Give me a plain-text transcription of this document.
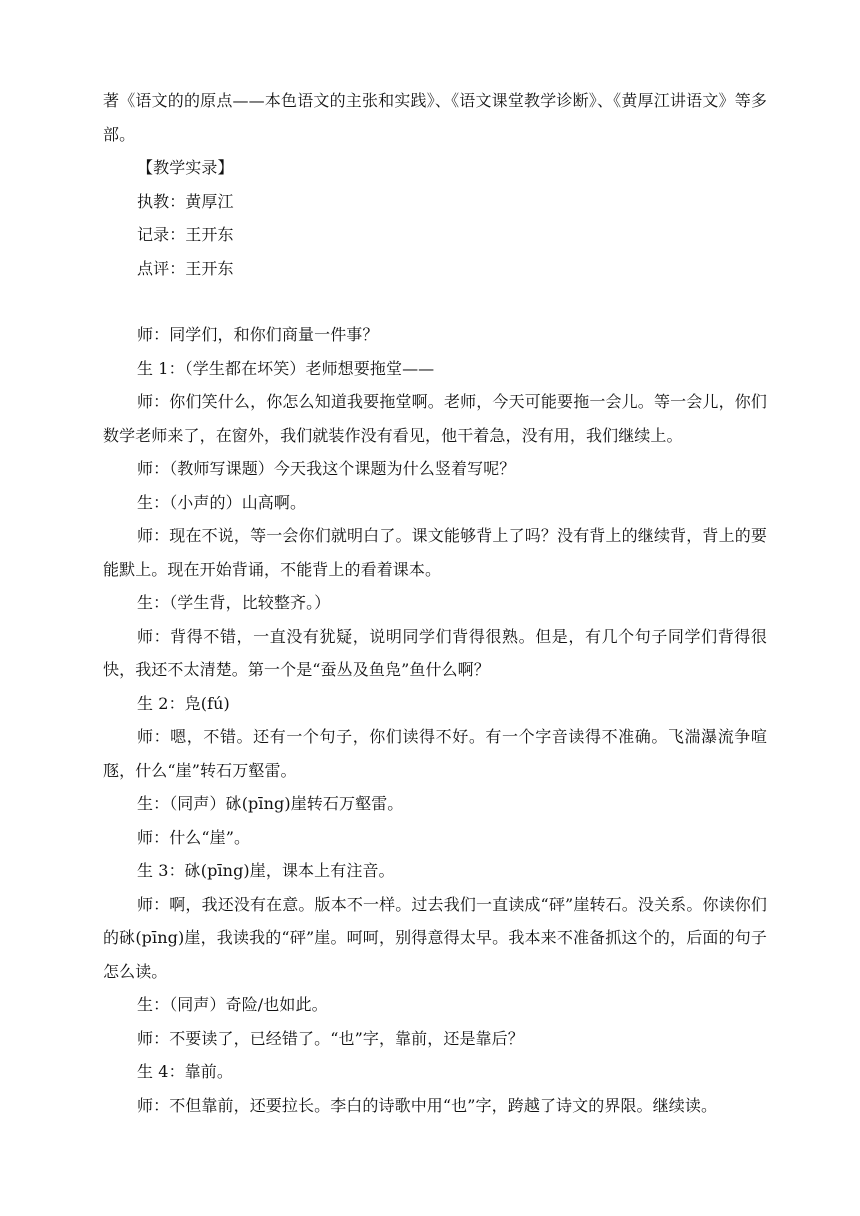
著《语文的的原点——本色语文的主张和实践》、《语文课堂教学诊断》、《黄厚江讲语文》等多部。

【教学实录】

执教：黄厚江

记录：王开东

点评：王开东

师：同学们，和你们商量一件事？

生 1：（学生都在坏笑）老师想要拖堂——

师：你们笑什么，你怎么知道我要拖堂啊。老师，今天可能要拖一会儿。等一会儿，你们数学老师来了，在窗外，我们就装作没有看见，他干着急，没有用，我们继续上。

师：（教师写课题）今天我这个课题为什么竖着写呢？

生：（小声的）山高啊。

师：现在不说，等一会你们就明白了。课文能够背上了吗？没有背上的继续背，背上的要能默上。现在开始背诵，不能背上的看着课本。

生：（学生背，比较整齐。）

师：背得不错，一直没有犹疑，说明同学们背得很熟。但是，有几个句子同学们背得很快，我还不太清楚。第一个是“蚕丛及鱼凫”鱼什么啊？

生 2：凫(fú)

师：嗯，不错。还有一个句子，你们读得不好。有一个字音读得不准确。飞湍瀑流争喧豗，什么“崖”转石万壑雷。

生：（同声）砯(pīng)崖转石万壑雷。

师：什么“崖”。

生 3：砯(pīng)崖，课本上有注音。

师：啊，我还没有在意。版本不一样。过去我们一直读成“砰”崖转石。没关系。你读你们的砯(pīng)崖，我读我的“砰”崖。呵呵，别得意得太早。我本来不准备抓这个的，后面的句子怎么读。

生：（同声）奇险/也如此。

师：不要读了，已经错了。“也”字，靠前，还是靠后？

生 4：靠前。

师：不但靠前，还要拉长。李白的诗歌中用“也”字，跨越了诗文的界限。继续读。
